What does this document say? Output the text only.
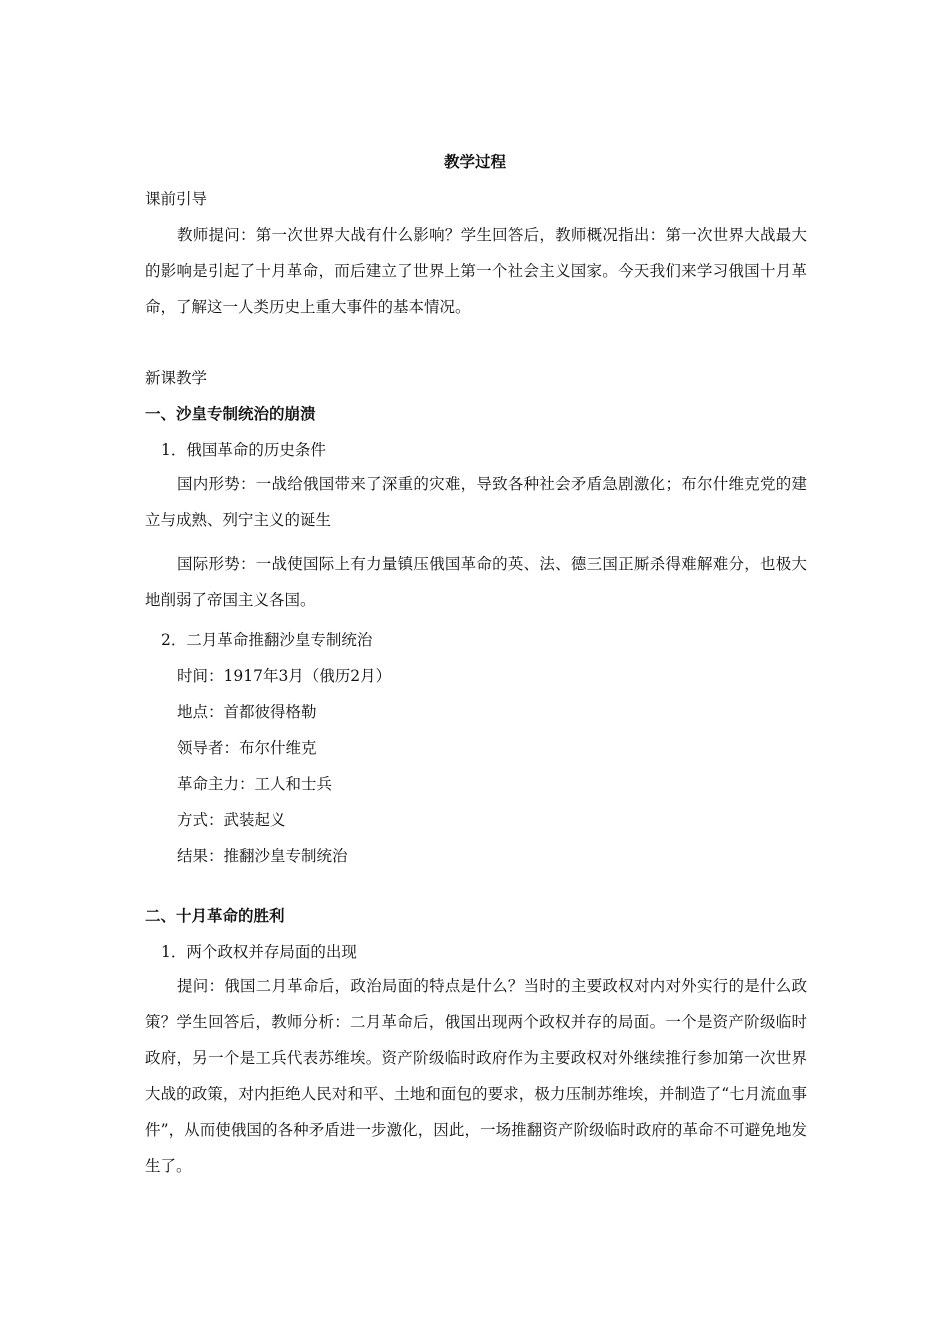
教学过程

课前引导

教师提问：第一次世界大战有什么影响？学生回答后，教师概况指出：第一次世界大战最大的影响是引起了十月革命，而后建立了世界上第一个社会主义国家。今天我们来学习俄国十月革命，了解这一人类历史上重大事件的基本情况。

新课教学

一、沙皇专制统治的崩溃

1．俄国革命的历史条件

国内形势：一战给俄国带来了深重的灾难，导致各种社会矛盾急剧激化；布尔什维克党的建立与成熟、列宁主义的诞生

国际形势：一战使国际上有力量镇压俄国革命的英、法、德三国正厮杀得难解难分，也极大地削弱了帝国主义各国。

2．二月革命推翻沙皇专制统治

时间：1917年3月（俄历2月）

地点：首都彼得格勒

领导者：布尔什维克

革命主力：工人和士兵

方式：武装起义

结果：推翻沙皇专制统治

二、十月革命的胜利

1．两个政权并存局面的出现

提问：俄国二月革命后，政治局面的特点是什么？当时的主要政权对内对外实行的是什么政策？学生回答后，教师分析：二月革命后，俄国出现两个政权并存的局面。一个是资产阶级临时政府，另一个是工兵代表苏维埃。资产阶级临时政府作为主要政权对外继续推行参加第一次世界大战的政策，对内拒绝人民对和平、土地和面包的要求，极力压制苏维埃，并制造了“七月流血事件”，从而使俄国的各种矛盾进一步激化，因此，一场推翻资产阶级临时政府的革命不可避免地发生了。
